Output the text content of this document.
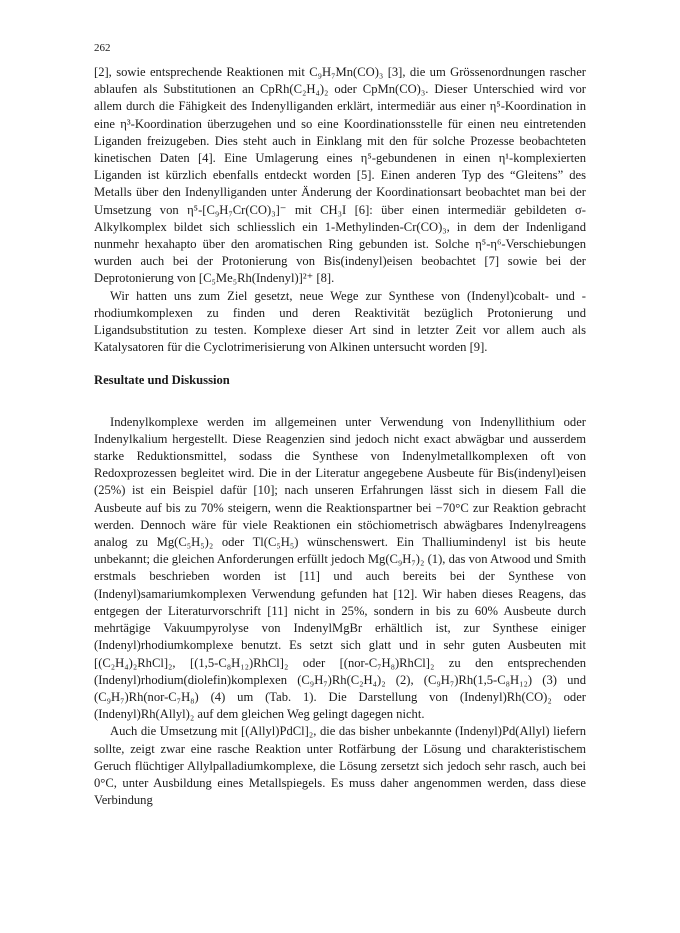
262

[2], sowie entsprechende Reaktionen mit C₉H₇Mn(CO)₃ [3], die um Grössenordnungen rascher ablaufen als Substitutionen an CpRh(C₂H₄)₂ oder CpMn(CO)₃. Dieser Unterschied wird vor allem durch die Fähigkeit des Indenylliganden erklärt, intermediär aus einer η⁵-Koordination in eine η³-Koordination überzugehen und so eine Koordinationsstelle für einen neu eintretenden Liganden freizugeben. Dies steht auch in Einklang mit den für solche Prozesse beobachteten kinetischen Daten [4]. Eine Umlagerung eines η⁵-gebundenen in einen η¹-komplexierten Liganden ist kürzlich ebenfalls entdeckt worden [5]. Einen anderen Typ des “Gleitens” des Metalls über den Indenylliganden unter Änderung der Koordinationsart beobachtet man bei der Umsetzung von η⁵-[C₉H₇Cr(CO)₃]⁻ mit CH₃I [6]: über einen intermediär gebildeten σ-Alkylkomplex bildet sich schliesslich ein 1-Methylinden-Cr(CO)₃, in dem der Indenligand nunmehr hexahapto über den aromatischen Ring gebunden ist. Solche η⁵-η⁶-Verschiebungen wurden auch bei der Protonierung von Bis(indenyl)eisen beobachtet [7] sowie bei der Deprotonierung von [C₅Me₅Rh(Indenyl)]²⁺ [8].

Wir hatten uns zum Ziel gesetzt, neue Wege zur Synthese von (Indenyl)cobalt- und -rhodiumkomplexen zu finden und deren Reaktivität bezüglich Protonierung und Ligandsubstitution zu testen. Komplexe dieser Art sind in letzter Zeit vor allem auch als Katalysatoren für die Cyclotrimerisierung von Alkinen untersucht worden [9].

Resultate und Diskussion

Indenylkomplexe werden im allgemeinen unter Verwendung von Indenyllithium oder Indenylkalium hergestellt. Diese Reagenzien sind jedoch nicht exact abwägbar und ausserdem starke Reduktionsmittel, sodass die Synthese von Indenylmetallkomplexen oft von Redoxprozessen begleitet wird. Die in der Literatur angegebene Ausbeute für Bis(indenyl)eisen (25%) ist ein Beispiel dafür [10]; nach unseren Erfahrungen lässt sich in diesem Fall die Ausbeute auf bis zu 70% steigern, wenn die Reaktionspartner bei −70°C zur Reaktion gebracht werden. Dennoch wäre für viele Reaktionen ein stöchiometrisch abwägbares Indenylreagens analog zu Mg(C₅H₅)₂ oder Tl(C₅H₅) wünschenswert. Ein Thalliumindenyl ist bis heute unbekannt; die gleichen Anforderungen erfüllt jedoch Mg(C₉H₇)₂ (1), das von Atwood und Smith erstmals beschrieben worden ist [11] und auch bereits bei der Synthese von (Indenyl)samariumkomplexen Verwendung gefunden hat [12]. Wir haben dieses Reagens, das entgegen der Literaturvorschrift [11] nicht in 25%, sondern in bis zu 60% Ausbeute durch mehrtägige Vakuumpyrolyse von IndenylMgBr erhältlich ist, zur Synthese einiger (Indenyl)rhodiumkomplexe benutzt. Es setzt sich glatt und in sehr guten Ausbeuten mit [(C₂H₄)₂RhCl]₂, [(1,5-C₈H₁₂)RhCl]₂ oder [(nor-C₇H₈)RhCl]₂ zu den entsprechenden (Indenyl)rhodium(diolefin)komplexen (C₉H₇)Rh(C₂H₄)₂ (2), (C₉H₇)Rh(1,5-C₈H₁₂) (3) und (C₉H₇)Rh(nor-C₇H₈) (4) um (Tab. 1). Die Darstellung von (Indenyl)Rh(CO)₂ oder (Indenyl)Rh(Allyl)₂ auf dem gleichen Weg gelingt dagegen nicht.

Auch die Umsetzung mit [(Allyl)PdCl]₂, die das bisher unbekannte (Indenyl)Pd(Allyl) liefern sollte, zeigt zwar eine rasche Reaktion unter Rotfärbung der Lösung und charakteristischem Geruch flüchtiger Allylpalladiumkomplexe, die Lösung zersetzt sich jedoch sehr rasch, auch bei 0°C, unter Ausbildung eines Metallspiegels. Es muss daher angenommen werden, dass diese Verbindung
